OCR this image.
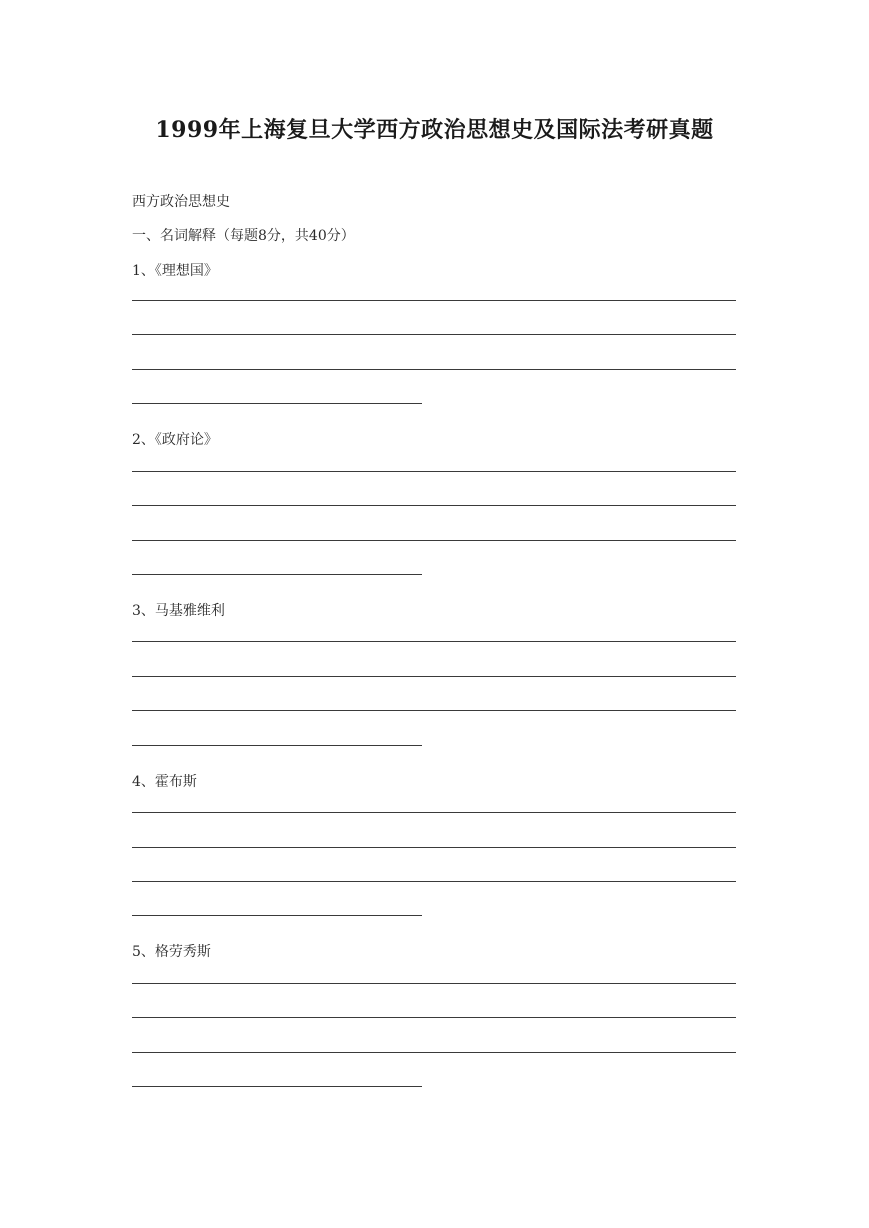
1999年上海复旦大学西方政治思想史及国际法考研真题
西方政治思想史
一、名词解释（每题8分，共40分）
1、《理想国》
2、《政府论》
3、马基雅维利
4、霍布斯
5、格劳秀斯
